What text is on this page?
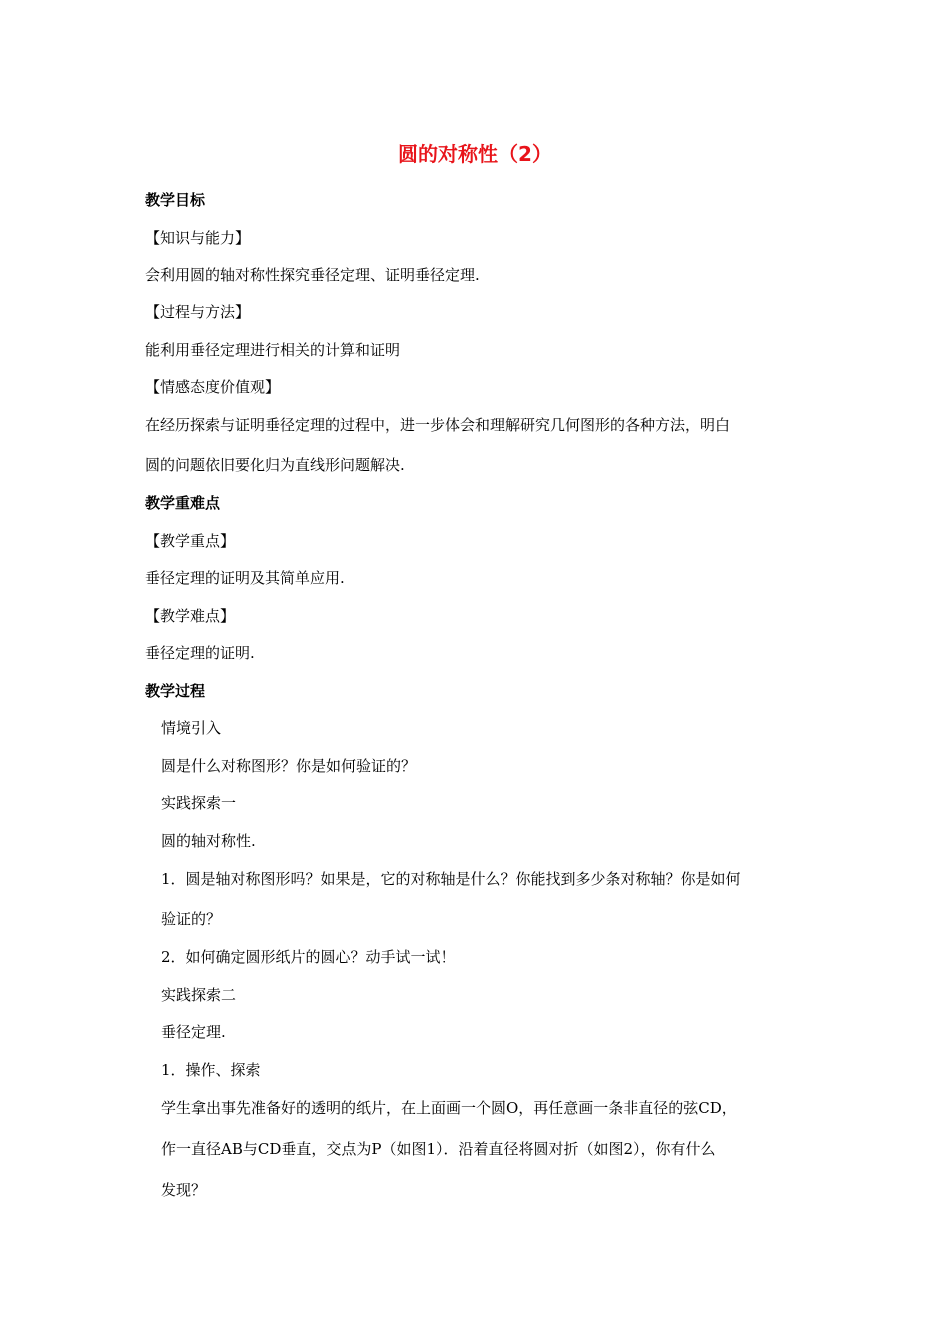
圆的对称性（2）
教学目标
【知识与能力】
会利用圆的轴对称性探究垂径定理、证明垂径定理.
【过程与方法】
能利用垂径定理进行相关的计算和证明
【情感态度价值观】
在经历探索与证明垂径定理的过程中，进一步体会和理解研究几何图形的各种方法，明白
圆的问题依旧要化归为直线形问题解决.
教学重难点
【教学重点】
垂径定理的证明及其简单应用.
【教学难点】
垂径定理的证明.
教学过程
情境引入
圆是什么对称图形？你是如何验证的？
实践探索一
圆的轴对称性.
1．圆是轴对称图形吗？如果是，它的对称轴是什么？你能找到多少条对称轴？你是如何
验证的？
2．如何确定圆形纸片的圆心？动手试一试！
实践探索二
垂径定理.
1．操作、探索
学生拿出事先准备好的透明的纸片，在上面画一个圆O，再任意画一条非直径的弦CD，
作一直径AB与CD垂直，交点为P（如图1）．沿着直径将圆对折（如图2），你有什么
发现？
